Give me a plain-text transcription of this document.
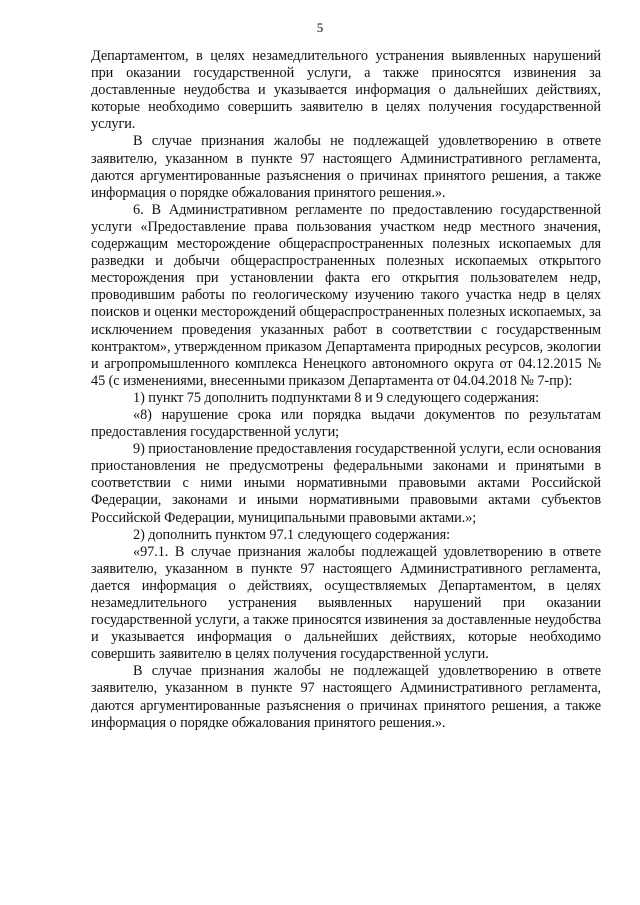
5

Департаментом, в целях незамедлительного устранения выявленных нарушений при оказании государственной услуги, а также приносятся извинения за доставленные неудобства и указывается информация о дальнейших действиях, которые необходимо совершить заявителю в целях получения государственной услуги.

В случае признания жалобы не подлежащей удовлетворению в ответе заявителю, указанном в пункте 97 настоящего Административного регламента, даются аргументированные разъяснения о причинах принятого решения, а также информация о порядке обжалования принятого решения.».

6. В Административном регламенте по предоставлению государственной услуги «Предоставление права пользования участком недр местного значения, содержащим месторождение общераспространенных полезных ископаемых для разведки и добычи общераспространенных полезных ископаемых открытого месторождения при установлении факта его открытия пользователем недр, проводившим работы по геологическому изучению такого участка недр в целях поисков и оценки месторождений общераспространенных полезных ископаемых, за исключением проведения указанных работ в соответствии с государственным контрактом», утвержденном приказом Департамента природных ресурсов, экологии и агропромышленного комплекса Ненецкого автономного округа от 04.12.2015 № 45 (с изменениями, внесенными приказом Департамента от 04.04.2018 № 7-пр):

1) пункт 75 дополнить подпунктами 8 и 9 следующего содержания:

«8) нарушение срока или порядка выдачи документов по результатам предоставления государственной услуги;

9) приостановление предоставления государственной услуги, если основания приостановления не предусмотрены федеральными законами и принятыми в соответствии с ними иными нормативными правовыми актами Российской Федерации, законами и иными нормативными правовыми актами субъектов Российской Федерации, муниципальными правовыми актами.»;

2) дополнить пунктом 97.1 следующего содержания:

«97.1. В случае признания жалобы подлежащей удовлетворению в ответе заявителю, указанном в пункте 97 настоящего Административного регламента, дается информация о действиях, осуществляемых Департаментом, в целях незамедлительного устранения выявленных нарушений при оказании государственной услуги, а также приносятся извинения за доставленные неудобства и указывается информация о дальнейших действиях, которые необходимо совершить заявителю в целях получения государственной услуги.

В случае признания жалобы не подлежащей удовлетворению в ответе заявителю, указанном в пункте 97 настоящего Административного регламента, даются аргументированные разъяснения о причинах принятого решения, а также информация о порядке обжалования принятого решения.».
